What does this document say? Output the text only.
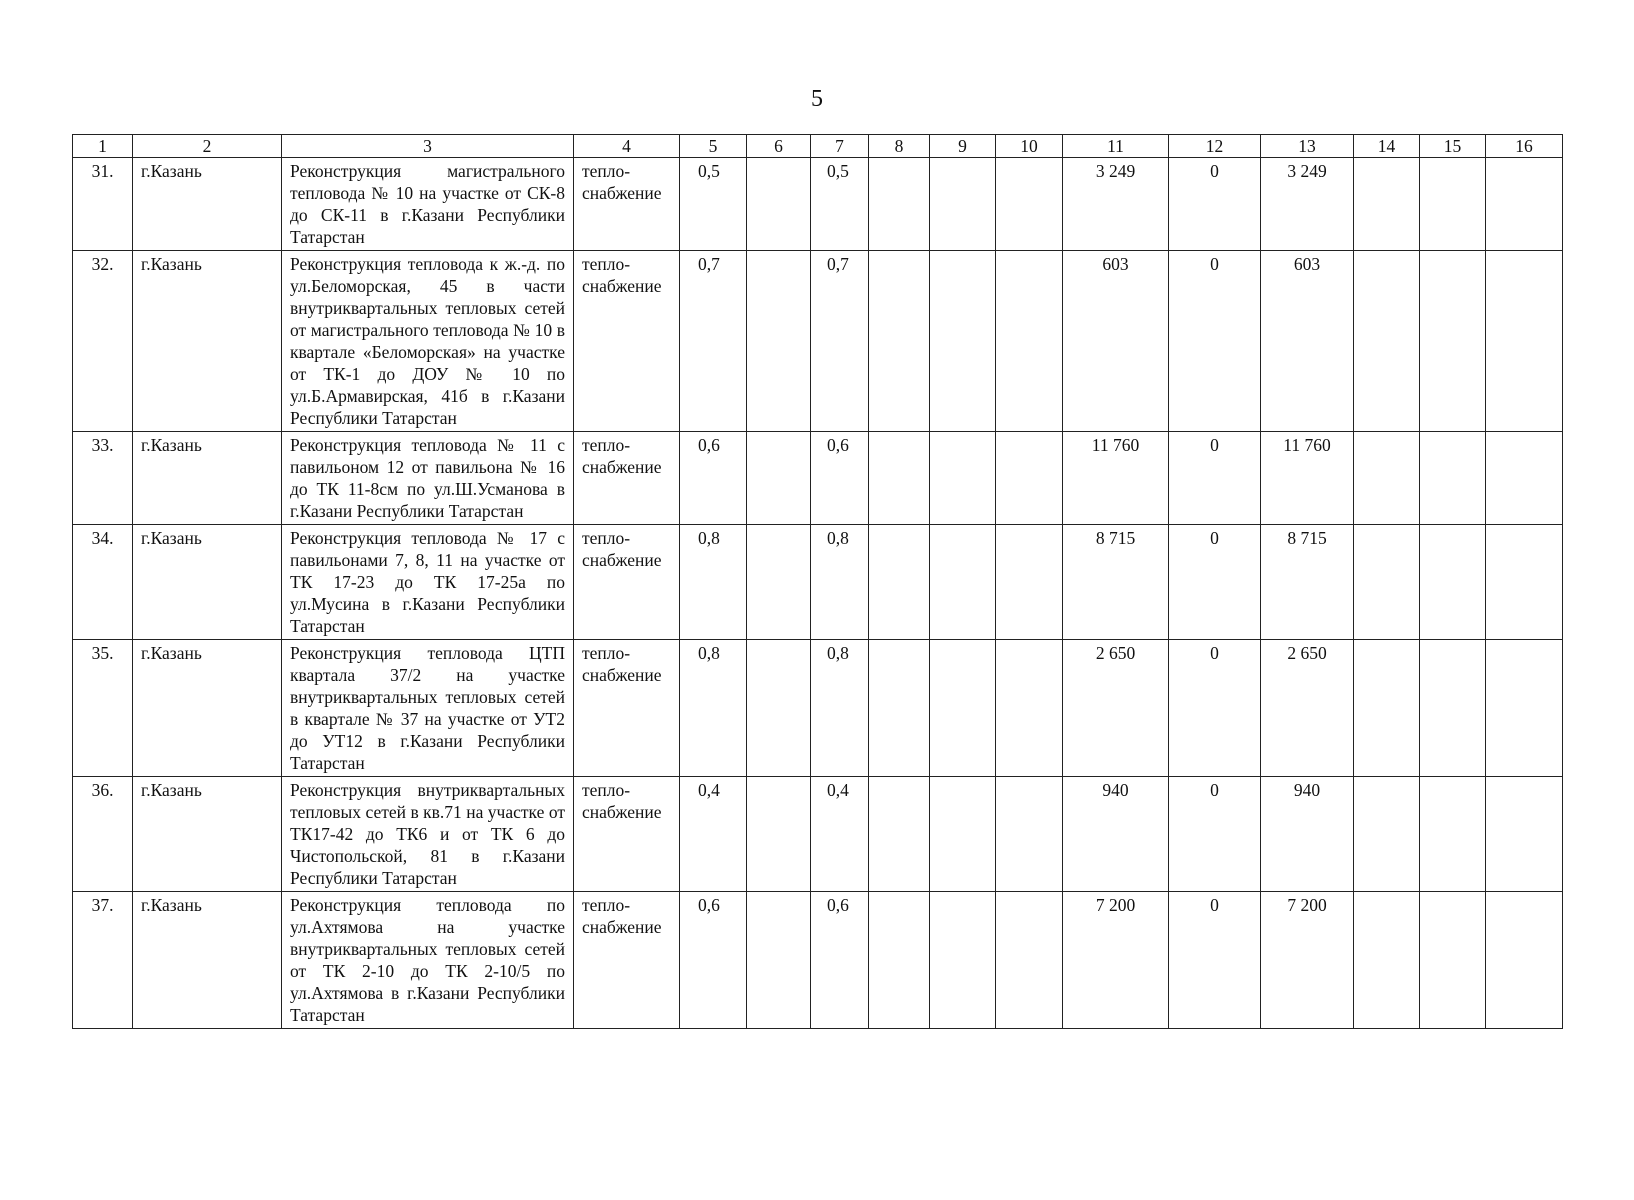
5
1	2	3	4	5	6	7	8	9	10	11	12	13	14	15	16
31.	г.Казань	Реконструкция магистрального тепловода № 10 на участке от СК-8 до СК-11 в г.Казани Республики Татарстан	тепло-снабжение	0,5		0,5				3 249	0	3 249			
32.	г.Казань	Реконструкция тепловода к ж.-д. по ул.Беломорская, 45 в части внутриквартальных тепловых сетей от магистрального тепловода № 10 в квартале «Беломорская» на участке от ТК-1 до ДОУ № 10 по ул.Б.Армавирская, 41б в г.Казани Республики Татарстан	тепло-снабжение	0,7		0,7				603	0	603			
33.	г.Казань	Реконструкция тепловода № 11 с павильоном 12 от павильона № 16 до ТК 11-8см по ул.Ш.Усманова в г.Казани Республики Татарстан	тепло-снабжение	0,6		0,6				11 760	0	11 760			
34.	г.Казань	Реконструкция тепловода № 17 с павильонами 7, 8, 11 на участке от ТК 17-23 до ТК 17-25а по ул.Мусина в г.Казани Республики Татарстан	тепло-снабжение	0,8		0,8				8 715	0	8 715			
35.	г.Казань	Реконструкция тепловода ЦТП квартала 37/2 на участке внутриквартальных тепловых сетей в квартале № 37 на участке от УТ2 до УТ12 в г.Казани Республики Татарстан	тепло-снабжение	0,8		0,8				2 650	0	2 650			
36.	г.Казань	Реконструкция внутриквартальных тепловых сетей в кв.71 на участке от ТК17-42 до ТК6 и от ТК 6 до Чистопольской, 81 в г.Казани Республики Татарстан	тепло-снабжение	0,4		0,4				940	0	940			
37.	г.Казань	Реконструкция тепловода по ул.Ахтямова на участке внутриквартальных тепловых сетей от ТК 2-10 до ТК 2-10/5 по ул.Ахтямова в г.Казани Республики Татарстан	тепло-снабжение	0,6		0,6				7 200	0	7 200			
